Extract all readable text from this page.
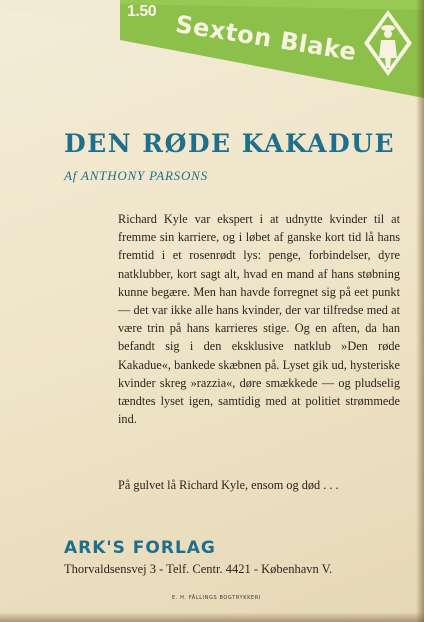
1.50 Sexton Blake
DEN RØDE KAKADUE
Af ANTHONY PARSONS

Richard Kyle var ekspert i at udnytte kvinder til at fremme sin karriere, og i løbet af ganske kort tid lå hans fremtid i et rosenrødt lys: penge, forbindelser, dyre natklubber, kort sagt alt, hvad en mand af hans støbning kunne begære. Men han havde forregnet sig på eet punkt — det var ikke alle hans kvinder, der var tilfredse med at være trin på hans karrieres stige. Og en aften, da han befandt sig i den eksklusive natklub »Den røde Kakadue«, bankede skæbnen på. Lyset gik ud, hysteriske kvinder skreg »razzia«, døre smækkede — og pludselig tændtes lyset igen, samtidig med at politiet strømmede ind.

På gulvet lå Richard Kyle, ensom og død . . .
ARK'S FORLAG
Thorvaldsensvej 3 - Telf. Centr. 4421 - København V.
E. H. FÄLLINGS BOGTRYKKERI
